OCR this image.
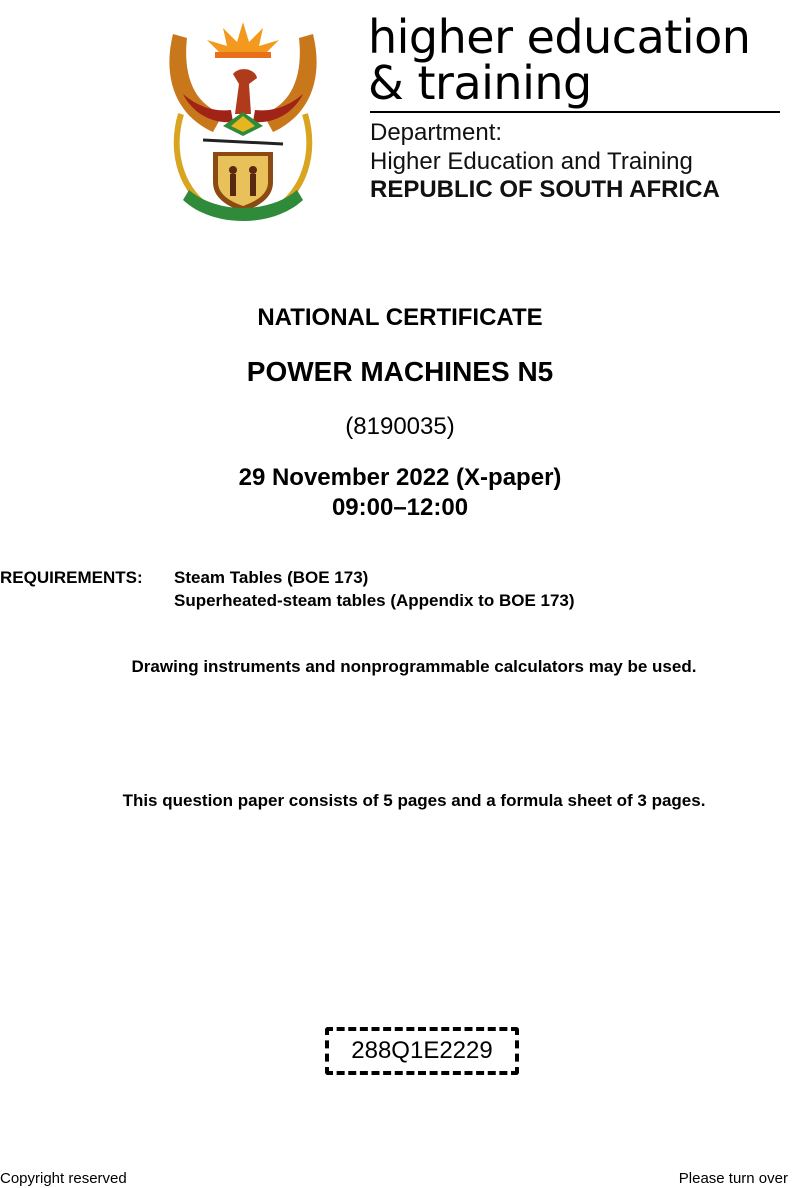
higher education
& training
Department:
Higher Education and Training
REPUBLIC OF SOUTH AFRICA
NATIONAL CERTIFICATE
POWER MACHINES N5
(8190035)
29 November 2022 (X-paper)
09:00–12:00
REQUIREMENTS: Steam Tables (BOE 173)
Superheated-steam tables (Appendix to BOE 173)
Drawing instruments and nonprogrammable calculators may be used.
This question paper consists of 5 pages and a formula sheet of 3 pages.
288Q1E2229
Copyright reserved	Please turn over
